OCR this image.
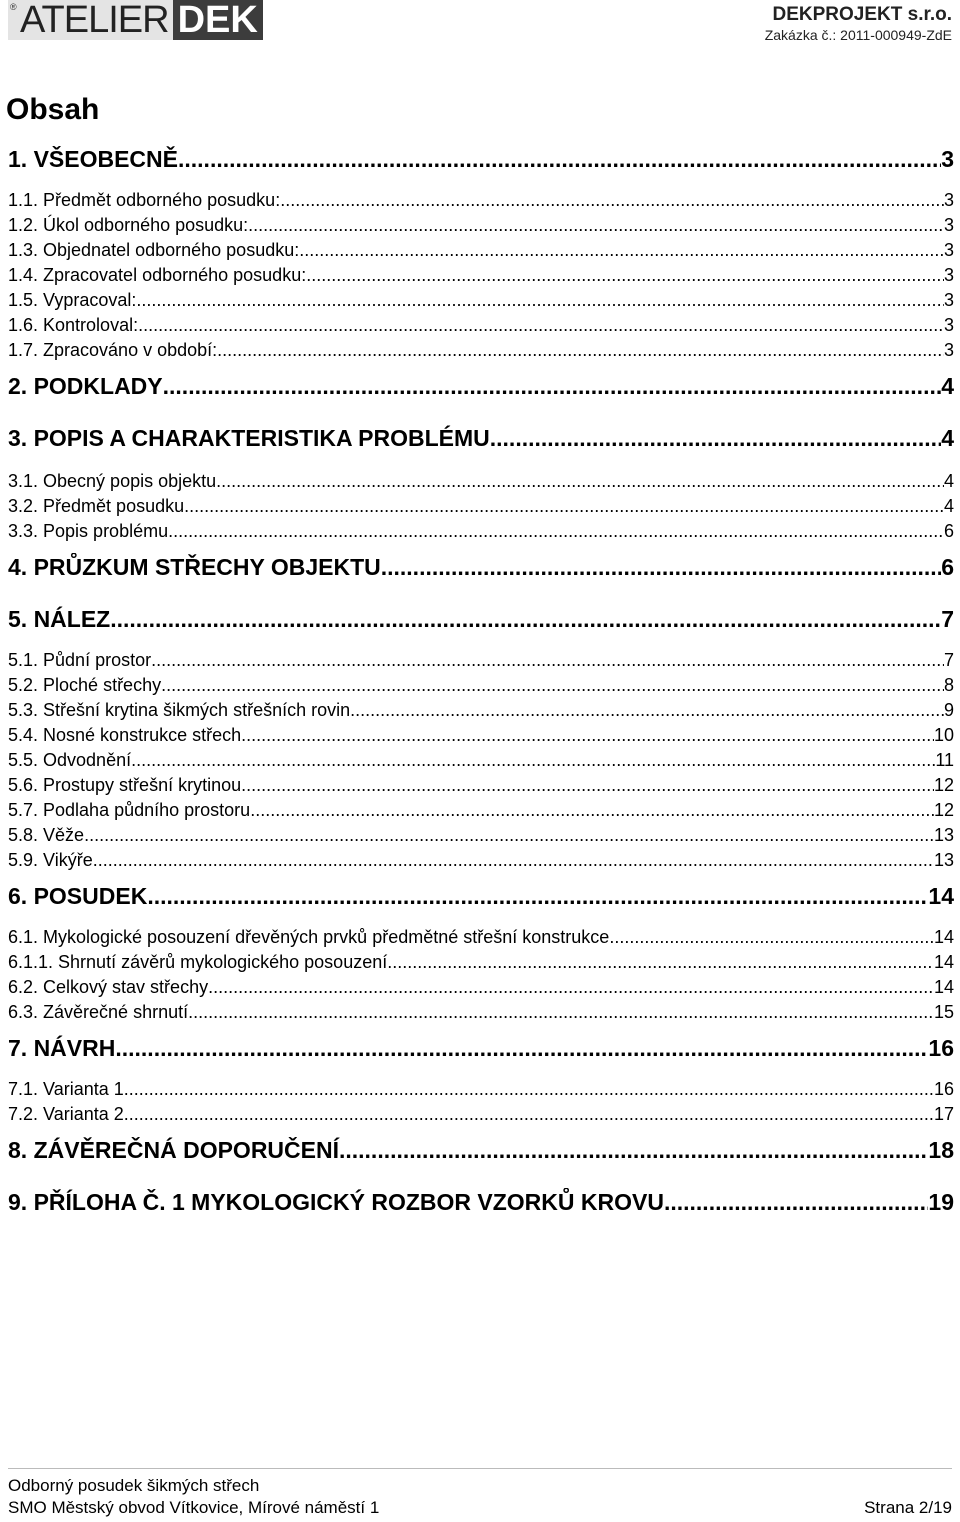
® ATELIER DEK	DEKPROJEKT s.r.o.
Zakázka č.: 2011-000949-ZdE
Obsah
1. VŠEOBECNĚ .....	3
1.1. Předmět odborného posudku: .....	3
1.2. Úkol odborného posudku: .....	3
1.3. Objednatel odborného posudku: .....	3
1.4. Zpracovatel odborného posudku: .....	3
1.5. Vypracoval: .....	3
1.6. Kontroloval: .....	3
1.7. Zpracováno v období: .....	3
2. PODKLADY .....	4
3. POPIS A CHARAKTERISTIKA PROBLÉMU .....	4
3.1. Obecný popis objektu .....	4
3.2. Předmět posudku .....	4
3.3. Popis problému .....	6
4. PRŮZKUM STŘECHY OBJEKTU .....	6
5. NÁLEZ .....	7
5.1. Půdní prostor .....	7
5.2. Ploché střechy .....	8
5.3. Střešní krytina šikmých střešních rovin .....	9
5.4. Nosné konstrukce střech .....	10
5.5. Odvodnění .....	11
5.6. Prostupy střešní krytinou .....	12
5.7. Podlaha půdního prostoru .....	12
5.8. Věže .....	13
5.9. Vikýře .....	13
6. POSUDEK .....	14
6.1. Mykologické posouzení dřevěných prvků předmětné střešní konstrukce .....	14
6.1.1. Shrnutí závěrů mykologického posouzení .....	14
6.2. Celkový stav střechy .....	14
6.3. Závěrečné shrnutí .....	15
7. NÁVRH .....	16
7.1. Varianta 1 .....	16
7.2. Varianta 2 .....	17
8. ZÁVĚREČNÁ DOPORUČENÍ .....	18
9. PŘÍLOHA Č. 1 MYKOLOGICKÝ ROZBOR VZORKŮ KROVU .....	19
Odborný posudek šikmých střech
SMO Městský obvod Vítkovice, Mírové náměstí 1	Strana 2/19
